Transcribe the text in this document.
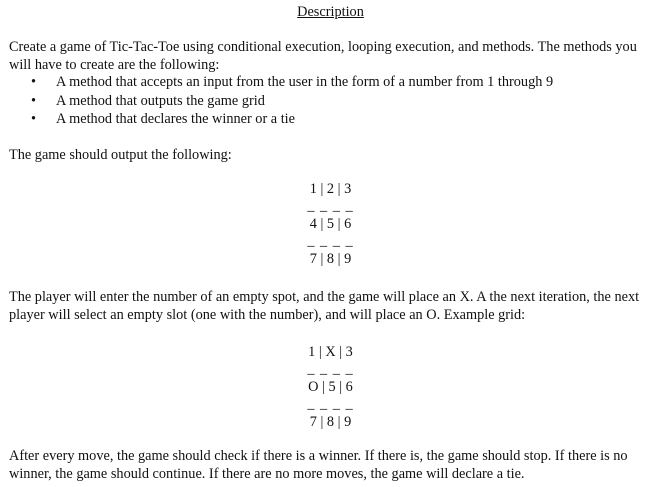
Description

Create a game of Tic-Tac-Toe using conditional execution, looping execution, and methods. The methods you will have to create are the following:

• A method that accepts an input from the user in the form of a number from 1 through 9
• A method that outputs the game grid
• A method that declares the winner or a tie

The game should output the following:

1 | 2 | 3
_ _ _ _
4 | 5 | 6
_ _ _ _
7 | 8 | 9

The player will enter the number of an empty spot, and the game will place an X. A the next iteration, the next player will select an empty slot (one with the number), and will place an O. Example grid:

1 | X | 3
_ _ _ _
O | 5 | 6
_ _ _ _
7 | 8 | 9

After every move, the game should check if there is a winner. If there is, the game should stop. If there is no winner, the game should continue. If there are no more moves, the game will declare a tie.
